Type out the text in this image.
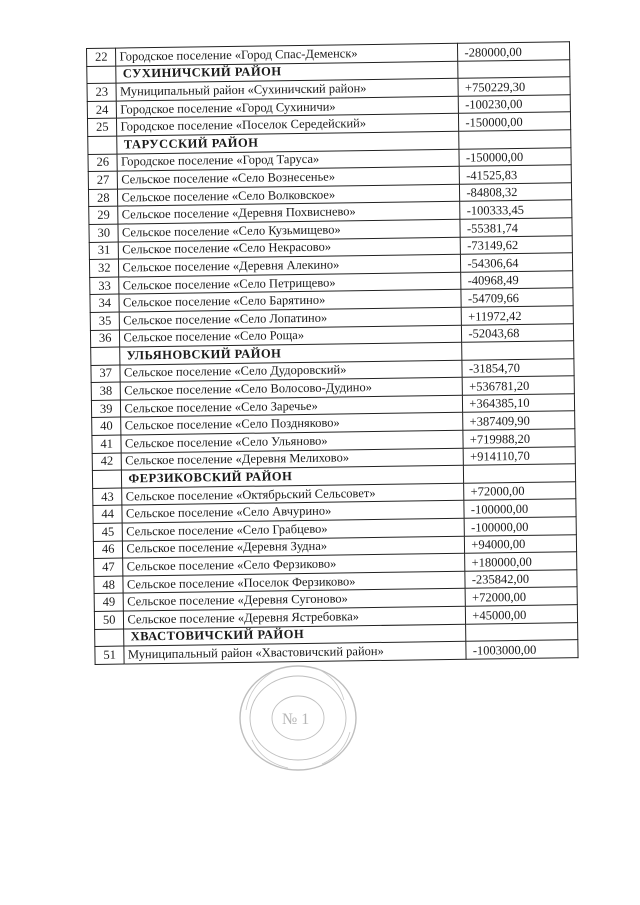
22	Городское поселение «Город Спас-Деменск»	-280000,00
	СУХИНИЧСКИЙ РАЙОН	
23	Муниципальный район «Сухиничский район»	+750229,30
24	Городское поселение «Город Сухиничи»	-100230,00
25	Городское поселение «Поселок Середейский»	-150000,00
	ТАРУССКИЙ РАЙОН	
26	Городское поселение «Город Таруса»	-150000,00
27	Сельское поселение «Село Вознесенье»	-41525,83
28	Сельское поселение «Село Волковское»	-84808,32
29	Сельское поселение «Деревня Похвиснево»	-100333,45
30	Сельское поселение «Село Кузьмищево»	-55381,74
31	Сельское поселение «Село Некрасово»	-73149,62
32	Сельское поселение «Деревня Алекино»	-54306,64
33	Сельское поселение «Село Петрищево»	-40968,49
34	Сельское поселение «Село Барятино»	-54709,66
35	Сельское поселение «Село Лопатино»	+11972,42
36	Сельское поселение «Село Роща»	-52043,68
	УЛЬЯНОВСКИЙ РАЙОН	
37	Сельское поселение «Село Дудоровский»	-31854,70
38	Сельское поселение «Село Волосово-Дудино»	+536781,20
39	Сельское поселение «Село Заречье»	+364385,10
40	Сельское поселение «Село Поздняково»	+387409,90
41	Сельское поселение «Село Ульяново»	+719988,20
42	Сельское поселение «Деревня Мелихово»	+914110,70
	ФЕРЗИКОВСКИЙ РАЙОН	
43	Сельское поселение «Октябрьский Сельсовет»	+72000,00
44	Сельское поселение «Село Авчурино»	-100000,00
45	Сельское поселение «Село Грабцево»	-100000,00
46	Сельское поселение «Деревня Зудна»	+94000,00
47	Сельское поселение «Село Ферзиково»	+180000,00
48	Сельское поселение «Поселок Ферзиково»	-235842,00
49	Сельское поселение «Деревня Сугоново»	+72000,00
50	Сельское поселение «Деревня Ястребовка»	+45000,00
	ХВАСТОВИЧСКИЙ РАЙОН	
51	Муниципальный район «Хвастовичский район»	-1003000,00
№ 1
